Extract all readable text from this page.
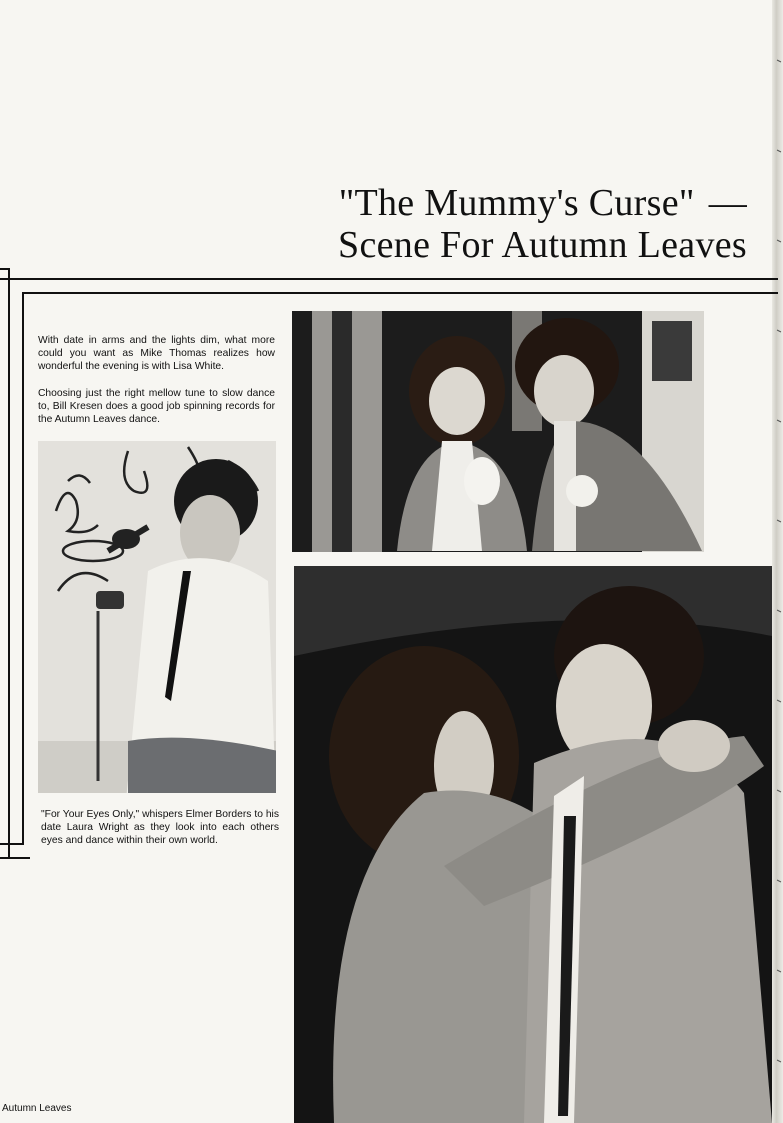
"The Mummy's Curse" —
Scene For Autumn Leaves

With date in arms and the lights dim, what more could you want as Mike Thomas realizes how wonderful the evening is with Lisa White.

Choosing just the right mellow tune to slow dance to, Bill Kresen does a good job spinning records for the Autumn Leaves dance.

"For Your Eyes Only," whispers Elmer Borders to his date Laura Wright as they look into each others eyes and dance within their own world.

Autumn Leaves
